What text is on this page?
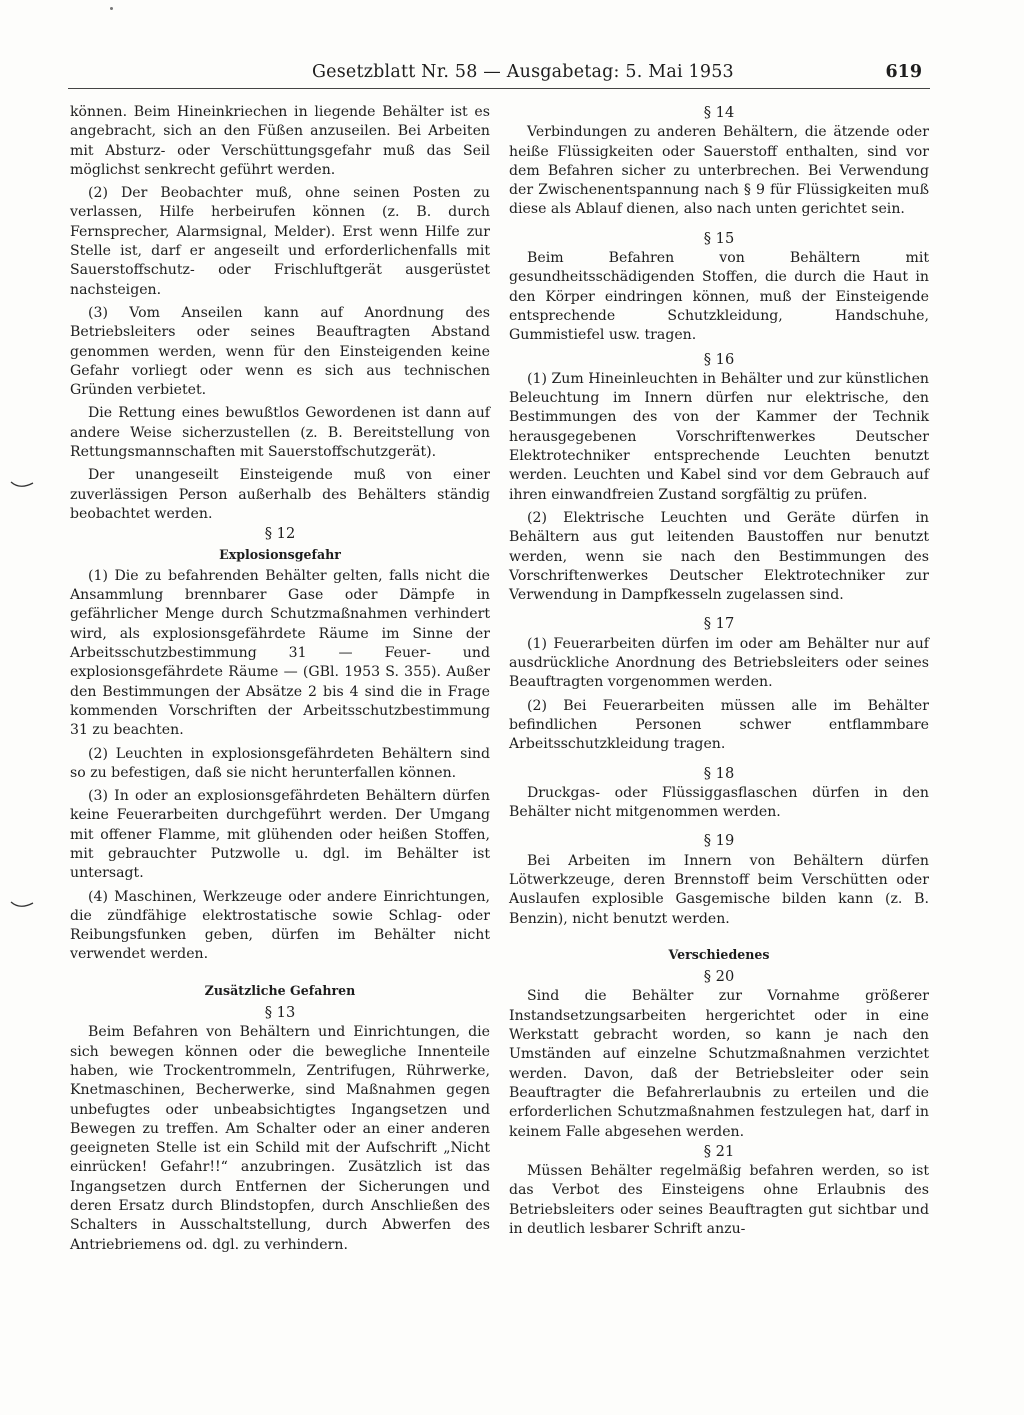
Gesetzblatt Nr. 58 — Ausgabetag: 5. Mai 1953	619

können. Beim Hineinkriechen in liegende Behälter ist es angebracht, sich an den Füßen anzuseilen. Bei Arbeiten mit Absturz- oder Verschüttungsgefahr muß das Seil möglichst senkrecht geführt werden.

(2) Der Beobachter muß, ohne seinen Posten zu verlassen, Hilfe herbeirufen können (z. B. durch Fernsprecher, Alarmsignal, Melder). Erst wenn Hilfe zur Stelle ist, darf er angeseilt und erforderlichenfalls mit Sauerstoffschutz- oder Frischluftgerät ausgerüstet nachsteigen.

(3) Vom Anseilen kann auf Anordnung des Betriebsleiters oder seines Beauftragten Abstand genommen werden, wenn für den Einsteigenden keine Gefahr vorliegt oder wenn es sich aus technischen Gründen verbietet.

Die Rettung eines bewußtlos Gewordenen ist dann auf andere Weise sicherzustellen (z. B. Bereitstellung von Rettungsmannschaften mit Sauerstoffschutzgerät).

Der unangeseilt Einsteigende muß von einer zuverlässigen Person außerhalb des Behälters ständig beobachtet werden.

§ 12
Explosionsgefahr

(1) Die zu befahrenden Behälter gelten, falls nicht die Ansammlung brennbarer Gase oder Dämpfe in gefährlicher Menge durch Schutzmaßnahmen verhindert wird, als explosionsgefährdete Räume im Sinne der Arbeitsschutzbestimmung 31 — Feuer- und explosionsgefährdete Räume — (GBl. 1953 S. 355). Außer den Bestimmungen der Absätze 2 bis 4 sind die in Frage kommenden Vorschriften der Arbeitsschutzbestimmung 31 zu beachten.

(2) Leuchten in explosionsgefährdeten Behältern sind so zu befestigen, daß sie nicht herunterfallen können.

(3) In oder an explosionsgefährdeten Behältern dürfen keine Feuerarbeiten durchgeführt werden. Der Umgang mit offener Flamme, mit glühenden oder heißen Stoffen, mit gebrauchter Putzwolle u. dgl. im Behälter ist untersagt.

(4) Maschinen, Werkzeuge oder andere Einrichtungen, die zündfähige elektrostatische sowie Schlag- oder Reibungsfunken geben, dürfen im Behälter nicht verwendet werden.

Zusätzliche Gefahren
§ 13

Beim Befahren von Behältern und Einrichtungen, die sich bewegen können oder die bewegliche Innenteile haben, wie Trockentrommeln, Zentrifugen, Rührwerke, Knetmaschinen, Becherwerke, sind Maßnahmen gegen unbefugtes oder unbeabsichtigtes Ingangsetzen und Bewegen zu treffen. Am Schalter oder an einer anderen geeigneten Stelle ist ein Schild mit der Aufschrift „Nicht einrücken! Gefahr!!“ anzubringen. Zusätzlich ist das Ingangsetzen durch Entfernen der Sicherungen und deren Ersatz durch Blindstopfen, durch Anschließen des Schalters in Ausschaltstellung, durch Abwerfen des Antriebriemens od. dgl. zu verhindern.

§ 14

Verbindungen zu anderen Behältern, die ätzende oder heiße Flüssigkeiten oder Sauerstoff enthalten, sind vor dem Befahren sicher zu unterbrechen. Bei Verwendung der Zwischenentspannung nach § 9 für Flüssigkeiten muß diese als Ablauf dienen, also nach unten gerichtet sein.

§ 15

Beim Befahren von Behältern mit gesundheitsschädigenden Stoffen, die durch die Haut in den Körper eindringen können, muß der Einsteigende entsprechende Schutzkleidung, Handschuhe, Gummistiefel usw. tragen.

§ 16

(1) Zum Hineinleuchten in Behälter und zur künstlichen Beleuchtung im Innern dürfen nur elektrische, den Bestimmungen des von der Kammer der Technik herausgegebenen Vorschriftenwerkes Deutscher Elektrotechniker entsprechende Leuchten benutzt werden. Leuchten und Kabel sind vor dem Gebrauch auf ihren einwandfreien Zustand sorgfältig zu prüfen.

(2) Elektrische Leuchten und Geräte dürfen in Behältern aus gut leitenden Baustoffen nur benutzt werden, wenn sie nach den Bestimmungen des Vorschriftenwerkes Deutscher Elektrotechniker zur Verwendung in Dampfkesseln zugelassen sind.

§ 17

(1) Feuerarbeiten dürfen im oder am Behälter nur auf ausdrückliche Anordnung des Betriebsleiters oder seines Beauftragten vorgenommen werden.

(2) Bei Feuerarbeiten müssen alle im Behälter befindlichen Personen schwer entflammbare Arbeitsschutzkleidung tragen.

§ 18

Druckgas- oder Flüssiggasflaschen dürfen in den Behälter nicht mitgenommen werden.

§ 19

Bei Arbeiten im Innern von Behältern dürfen Lötwerkzeuge, deren Brennstoff beim Verschütten oder Auslaufen explosible Gasgemische bilden kann (z. B. Benzin), nicht benutzt werden.

Verschiedenes
§ 20

Sind die Behälter zur Vornahme größerer Instandsetzungsarbeiten hergerichtet oder in eine Werkstatt gebracht worden, so kann je nach den Umständen auf einzelne Schutzmaßnahmen verzichtet werden. Davon, daß der Betriebsleiter oder sein Beauftragter die Befahrerlaubnis zu erteilen und die erforderlichen Schutzmaßnahmen festzulegen hat, darf in keinem Falle abgesehen werden.

§ 21

Müssen Behälter regelmäßig befahren werden, so ist das Verbot des Einsteigens ohne Erlaubnis des Betriebsleiters oder seines Beauftragten gut sichtbar und in deutlich lesbarer Schrift anzu-
